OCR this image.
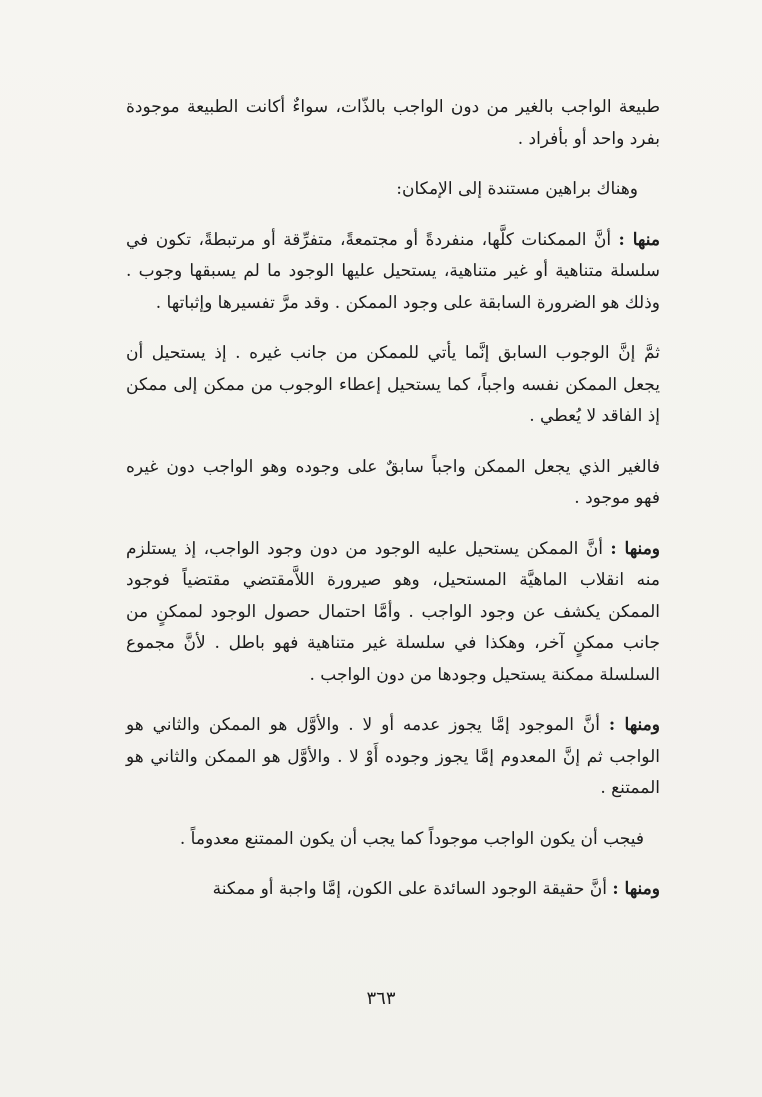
طبيعة الواجب بالغير من دون الواجب بالذّات، سواءٌ أكانت الطبيعة موجودة بفرد واحد أو بأفراد .

وهناك براهين مستندة إلى الإمكان:

منها : أنَّ الممكنات كلَّها، منفردةً أو مجتمعةً، متفرِّقة أو مرتبطةً، تكون في سلسلة متناهية أو غير متناهية، يستحيل عليها الوجود ما لم يسبقها وجوب . وذلك هو الضرورة السابقة على وجود الممكن . وقد مرَّ تفسيرها وإثباتها .

ثمَّ إنَّ الوجوب السابق إنَّما يأتي للممكن من جانب غيره . إذ يستحيل أن يجعل الممكن نفسه واجباً، كما يستحيل إعطاء الوجوب من ممكن إلى ممكن إذ الفاقد لا يُعطي .

فالغير الذي يجعل الممكن واجباً سابقٌ على وجوده وهو الواجب دون غيره فهو موجود .

ومنها : أنَّ الممكن يستحيل عليه الوجود من دون وجود الواجب، إذ يستلزم منه انقلاب الماهيَّة المستحيل، وهو صيرورة اللاَّمقتضي مقتضياً فوجود الممكن يكشف عن وجود الواجب . وأمَّا احتمال حصول الوجود لممكنٍ من جانب ممكنٍ آخر، وهكذا في سلسلة غير متناهية فهو باطل . لأنَّ مجموع السلسلة ممكنة يستحيل وجودها من دون الواجب .

ومنها : أنَّ الموجود إمَّا يجوز عدمه أو لا . والأوَّل هو الممكن والثاني هو الواجب ثم إنَّ المعدوم إمَّا يجوز وجوده أَوْ لا . والأوَّل هو الممكن والثاني هو الممتنع .

فيجب أن يكون الواجب موجوداً كما يجب أن يكون الممتنع معدوماً .

ومنها : أنَّ حقيقة الوجود السائدة على الكون، إمَّا واجبة أو ممكنة

٣٦٣
